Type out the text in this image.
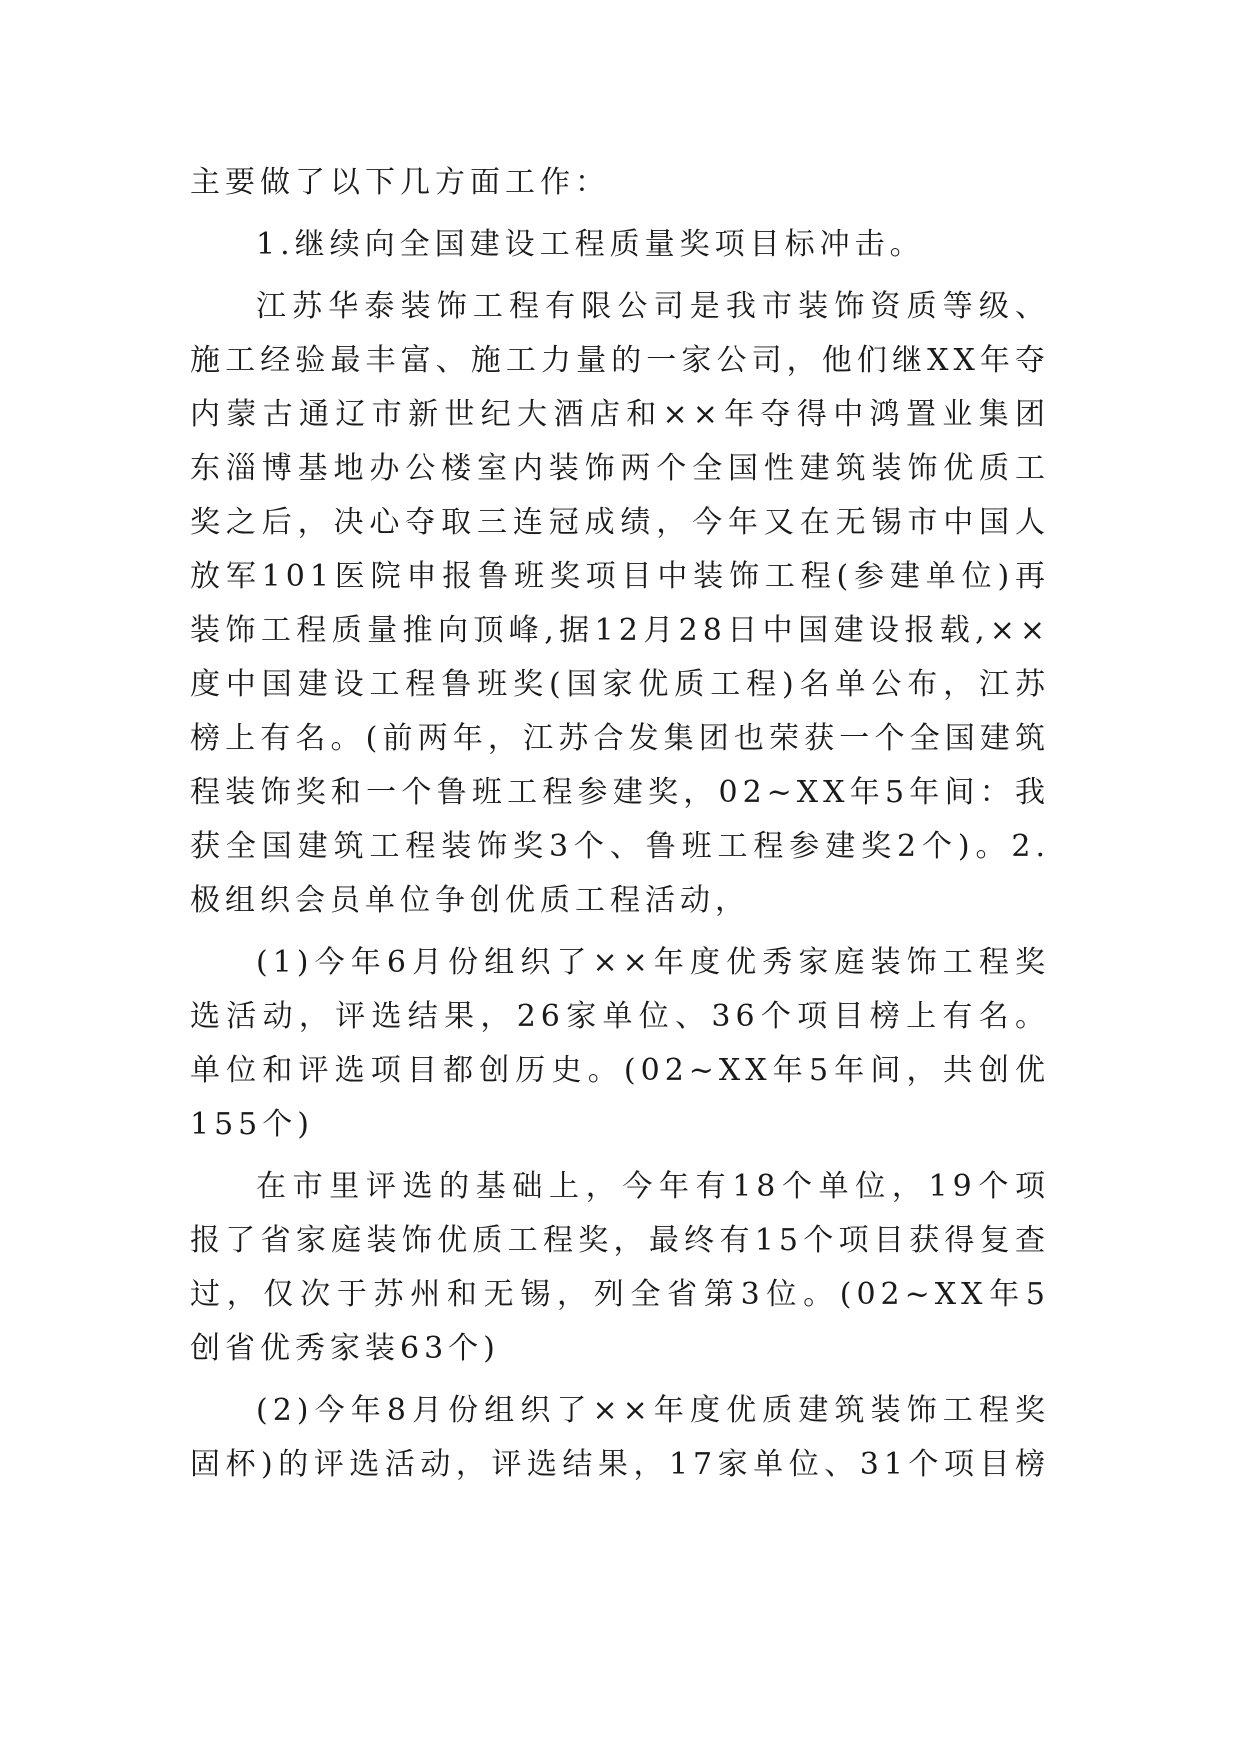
主要做了以下几方面工作：
1.继续向全国建设工程质量奖项目标冲击。
江苏华泰装饰工程有限公司是我市装饰资质等级、
施工经验最丰富、施工力量的一家公司，他们继XX年夺
内蒙古通辽市新世纪大酒店和××年夺得中鸿置业集团
东淄博基地办公楼室内装饰两个全国性建筑装饰优质工
奖之后，决心夺取三连冠成绩，今年又在无锡市中国人
放军101医院申报鲁班奖项目中装饰工程(参建单位)再
装饰工程质量推向顶峰,据12月28日中国建设报载,××
度中国建设工程鲁班奖(国家优质工程)名单公布，江苏
榜上有名。(前两年，江苏合发集团也荣获一个全国建筑
程装饰奖和一个鲁班工程参建奖，02~XX年5年间：我
获全国建筑工程装饰奖3个、鲁班工程参建奖2个)。2.
极组织会员单位争创优质工程活动，
(1)今年6月份组织了××年度优秀家庭装饰工程奖
选活动，评选结果，26家单位、36个项目榜上有名。
单位和评选项目都创历史。(02~XX年5年间，共创优
155个)
在市里评选的基础上，今年有18个单位，19个项
报了省家庭装饰优质工程奖，最终有15个项目获得复查
过，仅次于苏州和无锡，列全省第3位。(02~XX年5
创省优秀家装63个)
(2)今年8月份组织了××年度优质建筑装饰工程奖
固杯)的评选活动，评选结果，17家单位、31个项目榜
